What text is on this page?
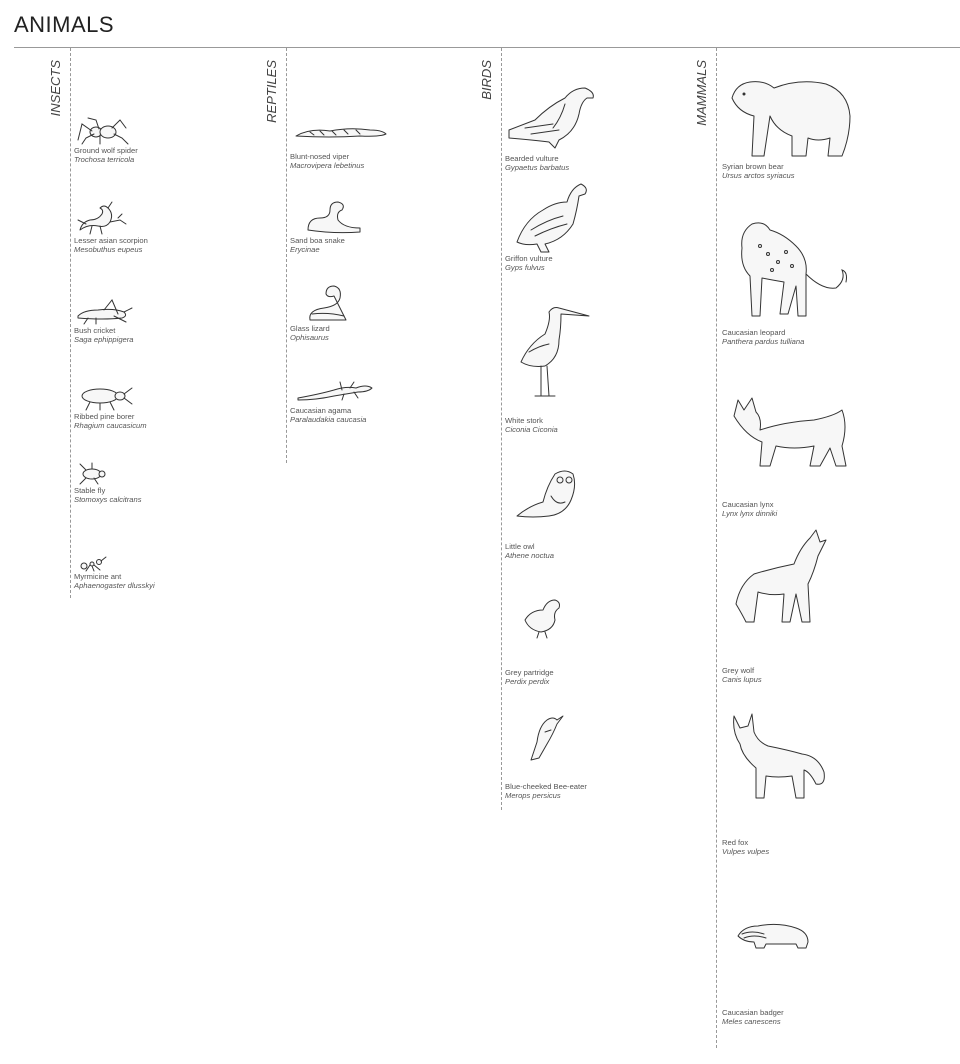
ANIMALS
INSECTS
Ground wolf spider
Trochosa terricola
Lesser asian scorpion
Mesobuthus eupeus
Bush cricket
Saga ephippigera
Ribbed pine borer
Rhagium caucasicum
Stable fly
Stomoxys calcitrans
Myrmicine ant
Aphaenogaster dlusskyi
REPTILES
Blunt-nosed viper
Macrovipera lebetinus
Sand boa snake
Erycinae
Glass lizard
Ophisaurus
Caucasian agama
Paralaudakia caucasia
BIRDS
Bearded vulture
Gypaetus barbatus
Griffon vulture
Gyps fulvus
White stork
Ciconia Ciconia
Little owl
Athene noctua
Grey partridge
Perdix perdix
Blue-cheeked Bee-eater
Merops persicus
MAMMALS
Syrian brown bear
Ursus arctos syriacus
Caucasian leopard
Panthera pardus tulliana
Caucasian lynx
Lynx lynx dinniki
Grey wolf
Canis lupus
Red fox
Vulpes vulpes
Caucasian badger
Meles canescens
